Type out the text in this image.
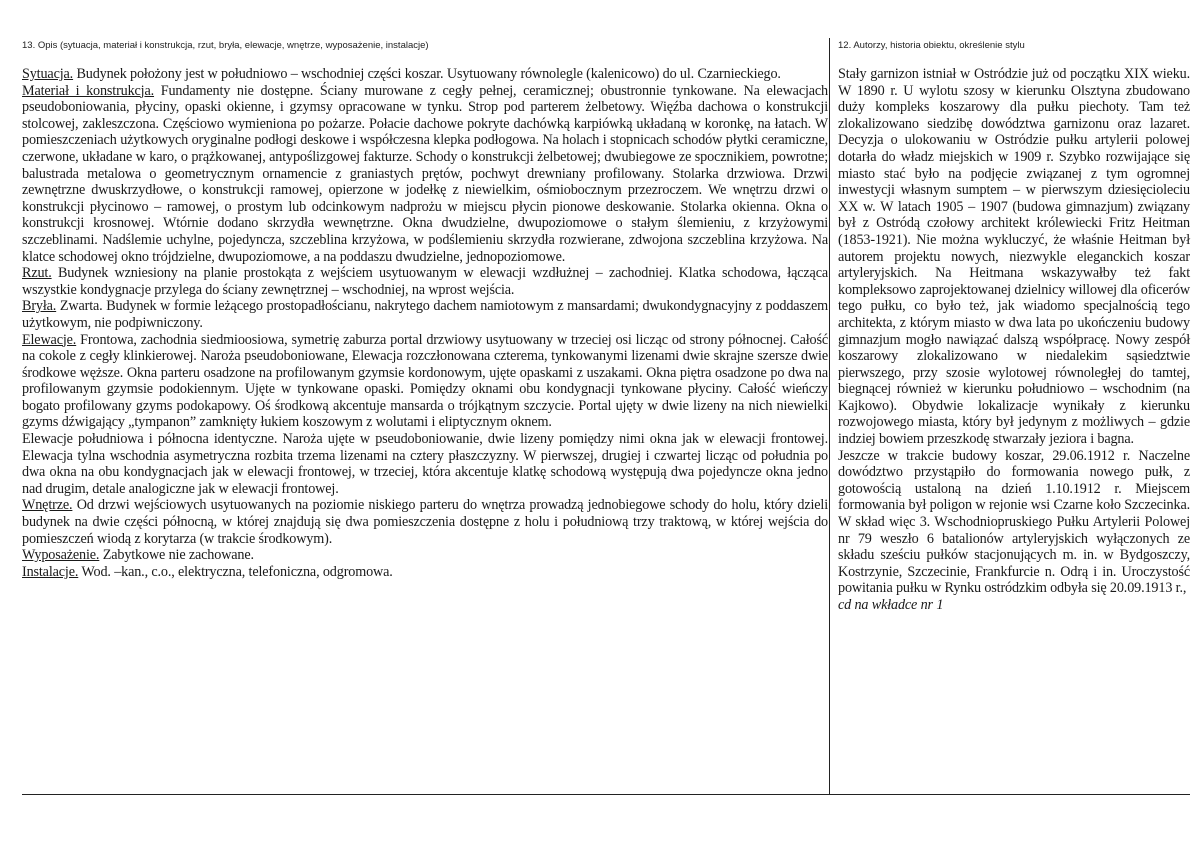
13. Opis (sytuacja, materiał i konstrukcja, rzut, bryła, elewacje, wnętrze, wyposażenie, instalacje)

Sytuacja. Budynek położony jest w południowo – wschodniej części koszar. Usytuowany równolegle (kalenicowo) do ul. Czarnieckiego.

Materiał i konstrukcja. Fundamenty nie dostępne. Ściany murowane z cegły pełnej, ceramicznej; obustronnie tynkowane. Na elewacjach pseudoboniowania, płyciny, opaski okienne, i gzymsy opracowane w tynku. Strop pod parterem żelbetowy. Więźba dachowa o konstrukcji stolcowej, zakleszczona. Częściowo wymieniona po pożarze. Połacie dachowe pokryte dachówką karpiówką układaną w koronkę, na łatach. W pomieszczeniach użytkowych oryginalne podłogi deskowe i współczesna klepka podłogowa. Na holach i stopnicach schodów płytki ceramiczne, czerwone, układane w karo, o prążkowanej, antypoślizgowej fakturze. Schody o konstrukcji żelbetowej; dwubiegowe ze spocznikiem, powrotne; balustrada metalowa o geometrycznym ornamencie z graniastych prętów, pochwyt drewniany profilowany. Stolarka drzwiowa. Drzwi zewnętrzne dwuskrzydłowe, o konstrukcji ramowej, opierzone w jodełkę z niewielkim, ośmiobocznym przezroczem. We wnętrzu drzwi o konstrukcji płycinowo – ramowej, o prostym lub odcinkowym nadprożu w miejscu płycin pionowe deskowanie. Stolarka okienna. Okna o konstrukcji krosnowej. Wtórnie dodano skrzydła wewnętrzne. Okna dwudzielne, dwupoziomowe o stałym ślemieniu, z krzyżowymi szczeblinami. Nadślemie uchylne, pojedyncza, szczeblina krzyżowa, w podślemieniu skrzydła rozwierane, zdwojona szczeblina krzyżowa. Na klatce schodowej okno trójdzielne, dwupoziomowe, a na poddaszu dwudzielne, jednopoziomowe.

Rzut. Budynek wzniesiony na planie prostokąta z wejściem usytuowanym w elewacji wzdłużnej – zachodniej. Klatka schodowa, łącząca wszystkie kondygnacje przylega do ściany zewnętrznej – wschodniej, na wprost wejścia.

Bryła. Zwarta. Budynek w formie leżącego prostopadłościanu, nakrytego dachem namiotowym z mansardami; dwukondygnacyjny z poddaszem użytkowym, nie podpiwniczony.

Elewacje. Frontowa, zachodnia siedmioosiowa, symetrię zaburza portal drzwiowy usytuowany w trzeciej osi licząc od strony północnej. Całość na cokole z cegły klinkierowej. Naroża pseudoboniowane, Elewacja rozczłonowana czterema, tynkowanymi lizenami dwie skrajne szersze dwie środkowe węższe. Okna parteru osadzone na profilowanym gzymsie kordonowym, ujęte opaskami z uszakami. Okna piętra osadzone po dwa na profilowanym gzymsie podokiennym. Ujęte w tynkowane opaski. Pomiędzy oknami obu kondygnacji tynkowane płyciny. Całość wieńczy bogato profilowany gzyms podokapowy. Oś środkową akcentuje mansarda o trójkątnym szczycie. Portal ujęty w dwie lizeny na nich niewielki gzyms dźwigający „tympanon” zamknięty łukiem koszowym z wolutami i eliptycznym oknem.

Elewacje południowa i północna identyczne. Naroża ujęte w pseudoboniowanie, dwie lizeny pomiędzy nimi okna jak w elewacji frontowej. Elewacja tylna wschodnia asymetryczna rozbita trzema lizenami na cztery płaszczyzny. W pierwszej, drugiej i czwartej licząc od południa po dwa okna na obu kondygnacjach jak w elewacji frontowej, w trzeciej, która akcentuje klatkę schodową występują dwa pojedyncze okna jedno nad drugim, detale analogiczne jak w elewacji frontowej.

Wnętrze. Od drzwi wejściowych usytuowanych na poziomie niskiego parteru do wnętrza prowadzą jednobiegowe schody do holu, który dzieli budynek na dwie części północną, w której znajdują się dwa pomieszczenia dostępne z holu i południową trzy traktową, w której wejścia do pomieszczeń wiodą z korytarza (w trakcie środkowym).

Wyposażenie. Zabytkowe nie zachowane.

Instalacje. Wod. –kan., c.o., elektryczna, telefoniczna, odgromowa.

12. Autorzy, historia obiektu, określenie stylu

Stały garnizon istniał w Ostródzie już od początku XIX wieku. W 1890 r. U wylotu szosy w kierunku Olsztyna zbudowano duży kompleks koszarowy dla pułku piechoty. Tam też zlokalizowano siedzibę dowództwa garnizonu oraz lazaret. Decyzja o ulokowaniu w Ostródzie pułku artylerii polowej dotarła do władz miejskich w 1909 r. Szybko rozwijające się miasto stać było na podjęcie związanej z tym ogromnej inwestycji własnym sumptem – w pierwszym dziesięcioleciu XX w. W latach 1905 – 1907 (budowa gimnazjum) związany był z Ostródą czołowy architekt królewiecki Fritz Heitman (1853-1921). Nie można wykluczyć, że właśnie Heitman był autorem projektu nowych, niezwykle eleganckich koszar artyleryjskich. Na Heitmana wskazywałby też fakt kompleksowo zaprojektowanej dzielnicy willowej dla oficerów tego pułku, co było też, jak wiadomo specjalnością tego architekta, z którym miasto w dwa lata po ukończeniu budowy gimnazjum mogło nawiązać dalszą współpracę. Nowy zespół koszarowy zlokalizowano w niedalekim sąsiedztwie pierwszego, przy szosie wylotowej równoległej do tamtej, biegnącej również w kierunku południowo – wschodnim (na Kajkowo). Obydwie lokalizacje wynikały z kierunku rozwojowego miasta, który był jedynym z możliwych – gdzie indziej bowiem przeszkodę stwarzały jeziora i bagna.

Jeszcze w trakcie budowy koszar, 29.06.1912 r. Naczelne dowództwo przystąpiło do formowania nowego pułk, z gotowością ustaloną na dzień 1.10.1912 r. Miejscem formowania był poligon w rejonie wsi Czarne koło Szczecinka. W skład więc 3. Wschodniopruskiego Pułku Artylerii Polowej nr 79 weszło 6 batalionów artyleryjskich wyłączonych ze składu sześciu pułków stacjonujących m. in. w Bydgoszczy, Kostrzynie, Szczecinie, Frankfurcie n. Odrą i in. Uroczystość powitania pułku w Rynku ostródzkim odbyła się 20.09.1913 r.,

cd na wkładce nr 1
